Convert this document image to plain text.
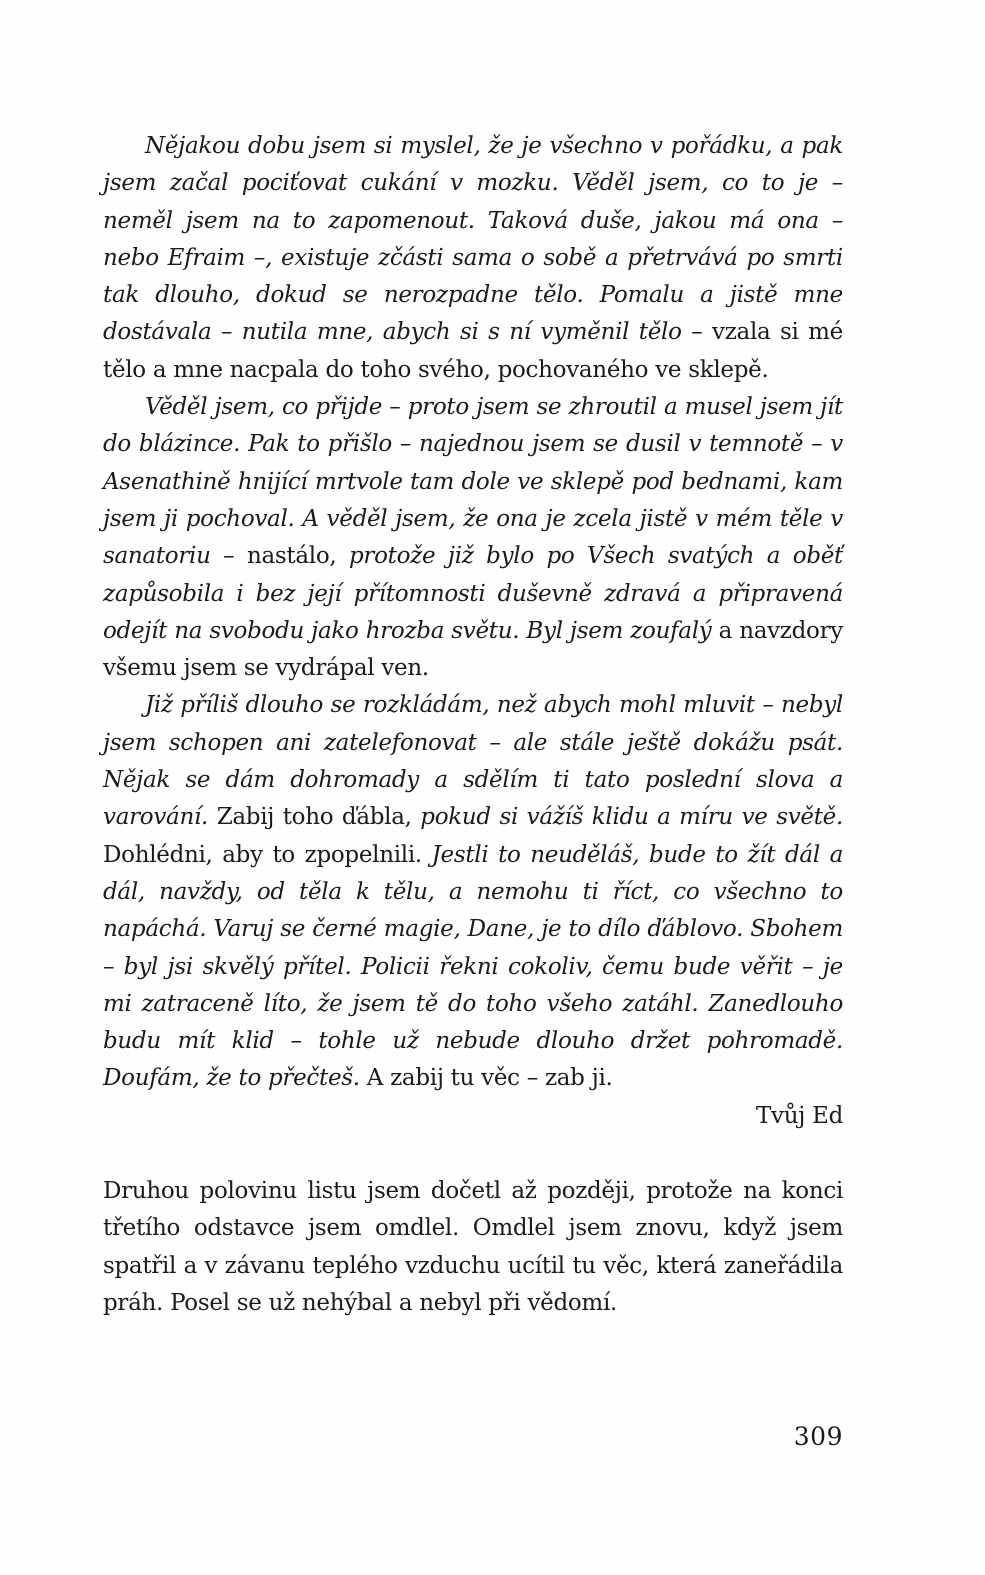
Nějakou dobu jsem si myslel, že je všechno v pořádku, a pak jsem začal pociťovat cukání v mozku. Věděl jsem, co to je – neměl jsem na to zapomenout. Taková duše, jakou má ona – nebo Efraim –, existuje zčásti sama o sobě a přetrvává po smrti tak dlouho, dokud se nerozpadne tělo. Pomalu a jistě mne dostávala – nutila mne, abych si s ní vyměnil tělo – vzala si mé tělo a mne nacpala do toho svého, pochovaného ve sklepě.

Věděl jsem, co přijde – proto jsem se zhroutil a musel jsem jít do blázince. Pak to přišlo – najednou jsem se dusil v temnotě – v Asenathině hnijící mrtvole tam dole ve sklepě pod bednami, kam jsem ji pochoval. A věděl jsem, že ona je zcela jistě v mém těle v sanatoriu – nastálo, protože již bylo po Všech svatých a oběť zapůsobila i bez její přítomnosti duševně zdravá a připravená odejít na svobodu jako hrozba světu. Byl jsem zoufalý a navzdory všemu jsem se vydrápal ven.

Již příliš dlouho se rozkládám, než abych mohl mluvit – nebyl jsem schopen ani zatelefonovat – ale stále ještě dokážu psát. Nějak se dám dohromady a sdělím ti tato poslední slova a varování. Zabij toho ďábla, pokud si vážíš klidu a míru ve světě. Dohlédni, aby to zpopelnili. Jestli to neuděláš, bude to žít dál a dál, navždy, od těla k tělu, a nemohu ti říct, co všechno to napáchá. Varuj se černé magie, Dane, je to dílo ďáblovo. Sbohem – byl jsi skvělý přítel. Policii řekni cokoliv, čemu bude věřit – je mi zatraceně líto, že jsem tě do toho všeho zatáhl. Zanedlouho budu mít klid – tohle už nebude dlouho držet pohromadě. Doufám, že to přečteš. A zabij tu věc – zab ji.

Tvůj Ed

Druhou polovinu listu jsem dočetl až později, protože na konci třetího odstavce jsem omdlel. Omdlel jsem znovu, když jsem spatřil a v závanu teplého vzduchu ucítil tu věc, která zaneřádila práh. Posel se už nehýbal a nebyl při vědomí.

309
